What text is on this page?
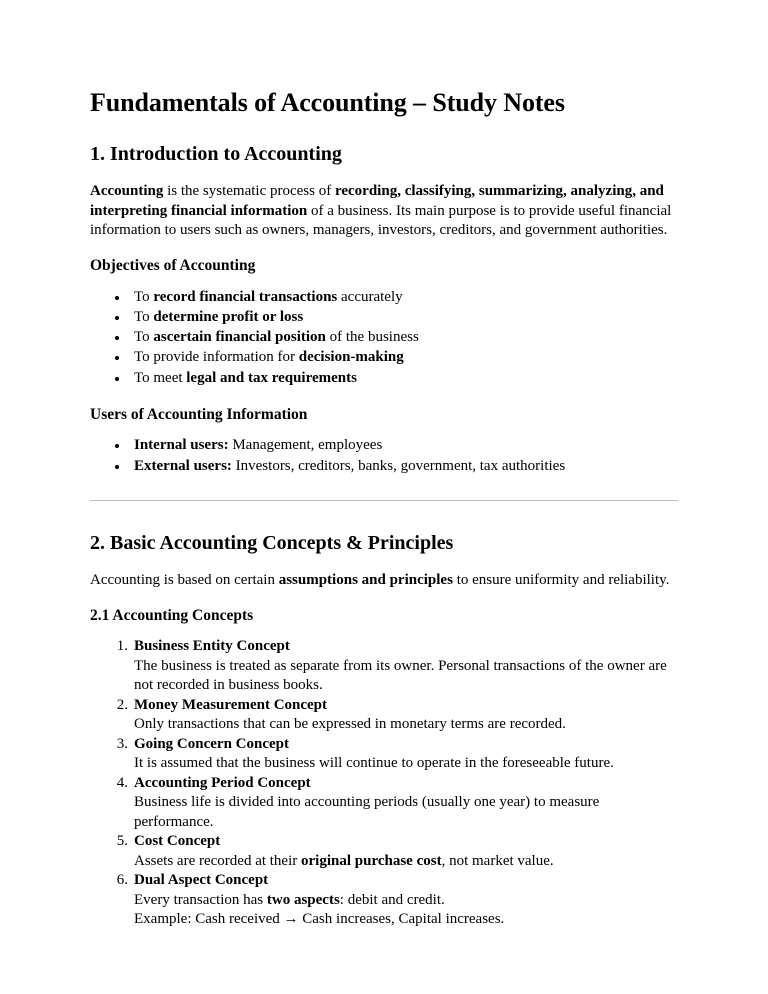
Fundamentals of Accounting – Study Notes
1. Introduction to Accounting

Accounting is the systematic process of recording, classifying, summarizing, analyzing, and interpreting financial information of a business. Its main purpose is to provide useful financial information to users such as owners, managers, investors, creditors, and government authorities.

Objectives of Accounting
To record financial transactions accurately
To determine profit or loss
To ascertain financial position of the business
To provide information for decision-making
To meet legal and tax requirements
Users of Accounting Information
Internal users: Management, employees
External users: Investors, creditors, banks, government, tax authorities
2. Basic Accounting Concepts & Principles

Accounting is based on certain assumptions and principles to ensure uniformity and reliability.

2.1 Accounting Concepts
Business Entity Concept
The business is treated as separate from its owner. Personal transactions of the owner are not recorded in business books.
Money Measurement Concept
Only transactions that can be expressed in monetary terms are recorded.
Going Concern Concept
It is assumed that the business will continue to operate in the foreseeable future.
Accounting Period Concept
Business life is divided into accounting periods (usually one year) to measure performance.
Cost Concept
Assets are recorded at their original purchase cost, not market value.
Dual Aspect Concept
Every transaction has two aspects: debit and credit.
Example: Cash received → Cash increases, Capital increases.
